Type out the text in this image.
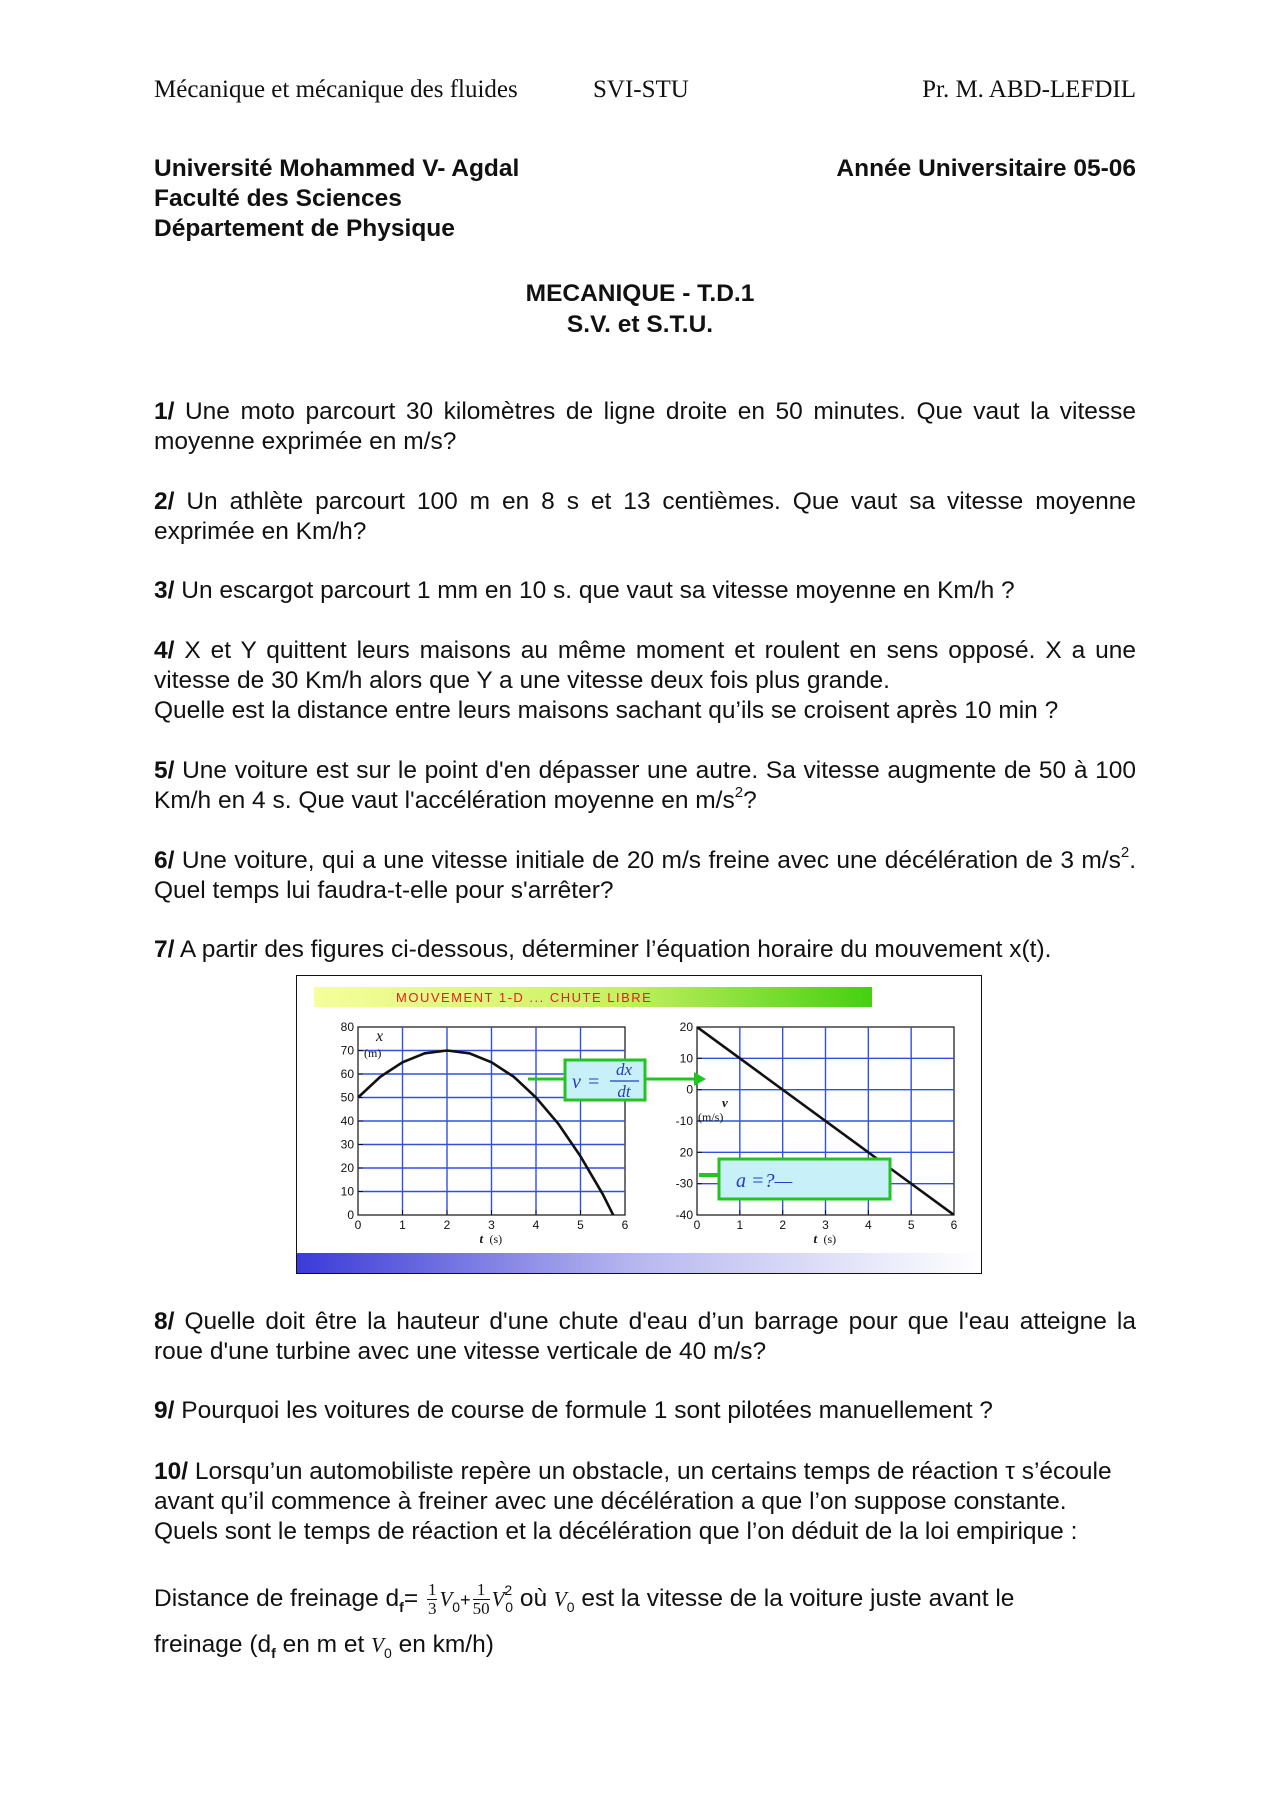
Mécanique et mécanique des fluides	SVI-STU	Pr. M. ABD-LEFDIL
Université Mohammed V- Agdal
Faculté des Sciences
Département de Physique
Année Universitaire 05-06
MECANIQUE - T.D.1
S.V. et S.T.U.
1/ Une moto parcourt 30 kilomètres de ligne droite en 50 minutes. Que vaut la vitesse moyenne exprimée en m/s?
2/ Un athlète parcourt 100 m en 8 s et 13 centièmes. Que vaut sa vitesse moyenne exprimée en Km/h?
3/ Un escargot parcourt 1 mm en 10 s. que vaut sa vitesse moyenne en Km/h ?
4/ X et Y quittent leurs maisons au même moment et roulent en sens opposé. X a une vitesse de 30 Km/h alors que Y a une vitesse deux fois plus grande.
Quelle est la distance entre leurs maisons sachant qu’ils se croisent après 10 min ?
5/ Une voiture est sur le point d'en dépasser une autre. Sa vitesse augmente de 50 à 100 Km/h en 4 s. Que vaut l'accélération moyenne en $m/s^2$?
6/ Une voiture, qui a une vitesse initiale de 20 m/s freine avec une décélération de 3 $m/s^2$. Quel temps lui faudra-t-elle pour s'arrêter?
7/ A partir des figures ci-dessous, déterminer l’équation horaire du mouvement x(t).
MOUVEMENT 1-D ... CHUTE LIBRE
0	1	2	3	4	5	6
0
10
20
30
40
50
60
70
80
t (s)
x
(m)
0	1	2	3	4	5	6
-40
-30
20
-10
0
10
20
t (s)
v
(m/s)
v =
dx
dt
a =?—
8/ Quelle doit être la hauteur d'une chute d'eau d’un barrage pour que l'eau atteigne la roue d'une turbine avec une vitesse verticale de 40 m/s?
9/ Pourquoi les voitures de course de formule 1 sont pilotées manuellement ?
10/ Lorsqu’un automobiliste repère un obstacle, un certains temps de réaction τ s’écoule avant qu’il commence à freiner avec une décélération a que l’on suppose constante.
Quels sont le temps de réaction et la décélération que l’on déduit de la loi empirique :
Distance de freinage $d_f= \frac{1}{3} V_0+ \frac{1}{50} V^2_0$ où $V_0$ est la vitesse de la voiture juste avant le
freinage ($d_f$ en m et $V_0$ en km/h)
